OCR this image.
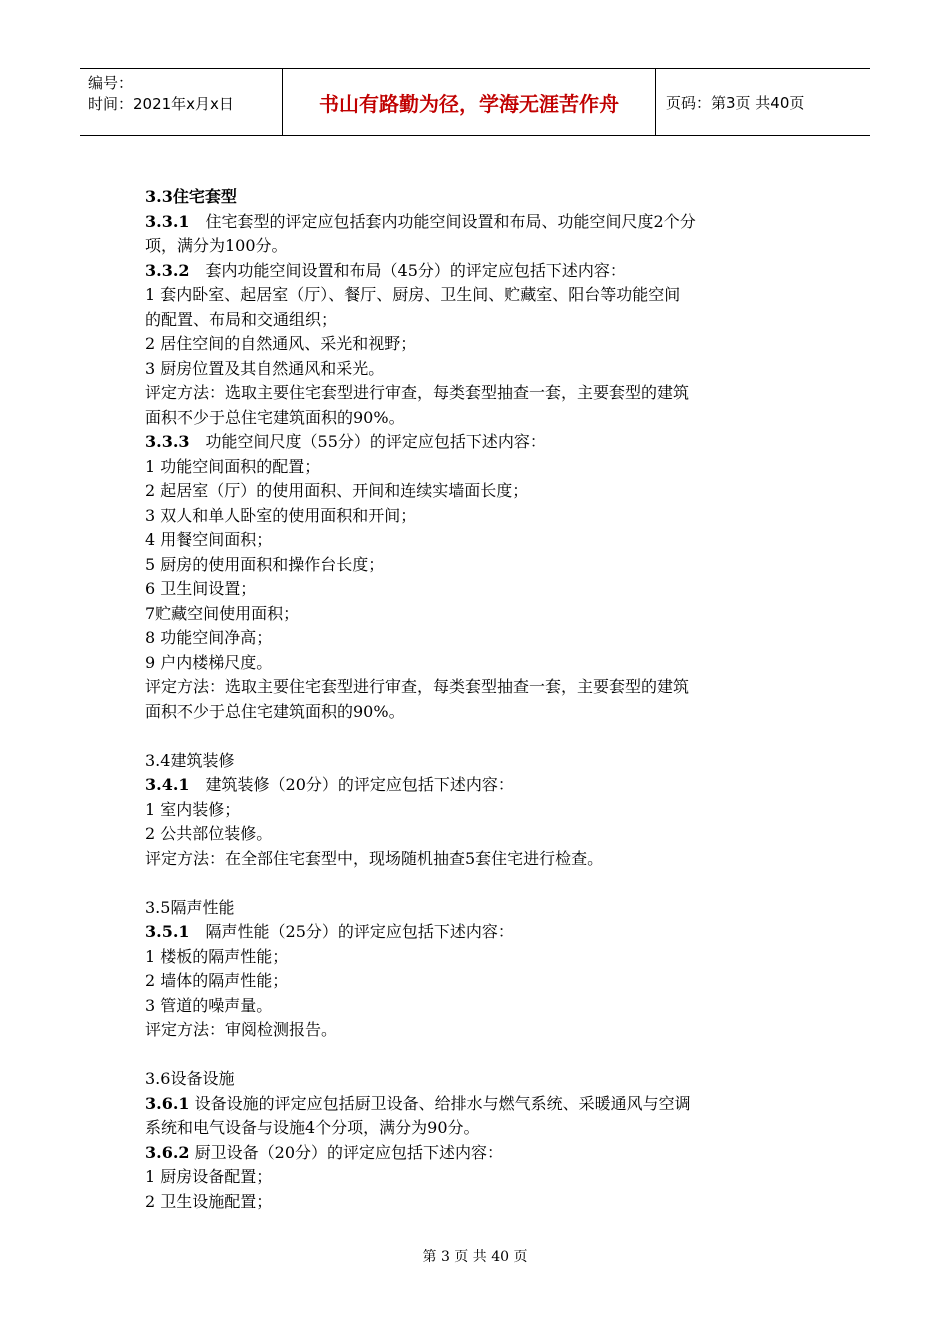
编号：
时间：2021年x月x日	书山有路勤为径，学海无涯苦作舟	页码：第3页 共40页
3.3住宅套型
3.3.1　住宅套型的评定应包括套内功能空间设置和布局、功能空间尺度2个分
项，满分为100分。
3.3.2　套内功能空间设置和布局（45分）的评定应包括下述内容：
1 套内卧室、起居室（厅）、餐厅、厨房、卫生间、贮藏室、阳台等功能空间
的配置、布局和交通组织；
2 居住空间的自然通风、采光和视野；
3 厨房位置及其自然通风和采光。
评定方法：选取主要住宅套型进行审查，每类套型抽查一套，主要套型的建筑
面积不少于总住宅建筑面积的90%。
3.3.3　功能空间尺度（55分）的评定应包括下述内容：
1 功能空间面积的配置；
2 起居室（厅）的使用面积、开间和连续实墙面长度；
3 双人和单人卧室的使用面积和开间；
4 用餐空间面积；
5 厨房的使用面积和操作台长度；
6 卫生间设置；
7贮藏空间使用面积；
8 功能空间净高；
9 户内楼梯尺度。
评定方法：选取主要住宅套型进行审查，每类套型抽查一套，主要套型的建筑
面积不少于总住宅建筑面积的90%。
3.4建筑装修
3.4.1　建筑装修（20分）的评定应包括下述内容：
1 室内装修；
2 公共部位装修。
评定方法：在全部住宅套型中，现场随机抽查5套住宅进行检查。
3.5隔声性能
3.5.1　隔声性能（25分）的评定应包括下述内容：
1 楼板的隔声性能；
2 墙体的隔声性能；
3 管道的噪声量。
评定方法：审阅检测报告。
3.6设备设施
3.6.1 设备设施的评定应包括厨卫设备、给排水与燃气系统、采暖通风与空调
系统和电气设备与设施4个分项，满分为90分。
3.6.2 厨卫设备（20分）的评定应包括下述内容：
1 厨房设备配置；
2 卫生设施配置；
第 3 页 共 40 页
